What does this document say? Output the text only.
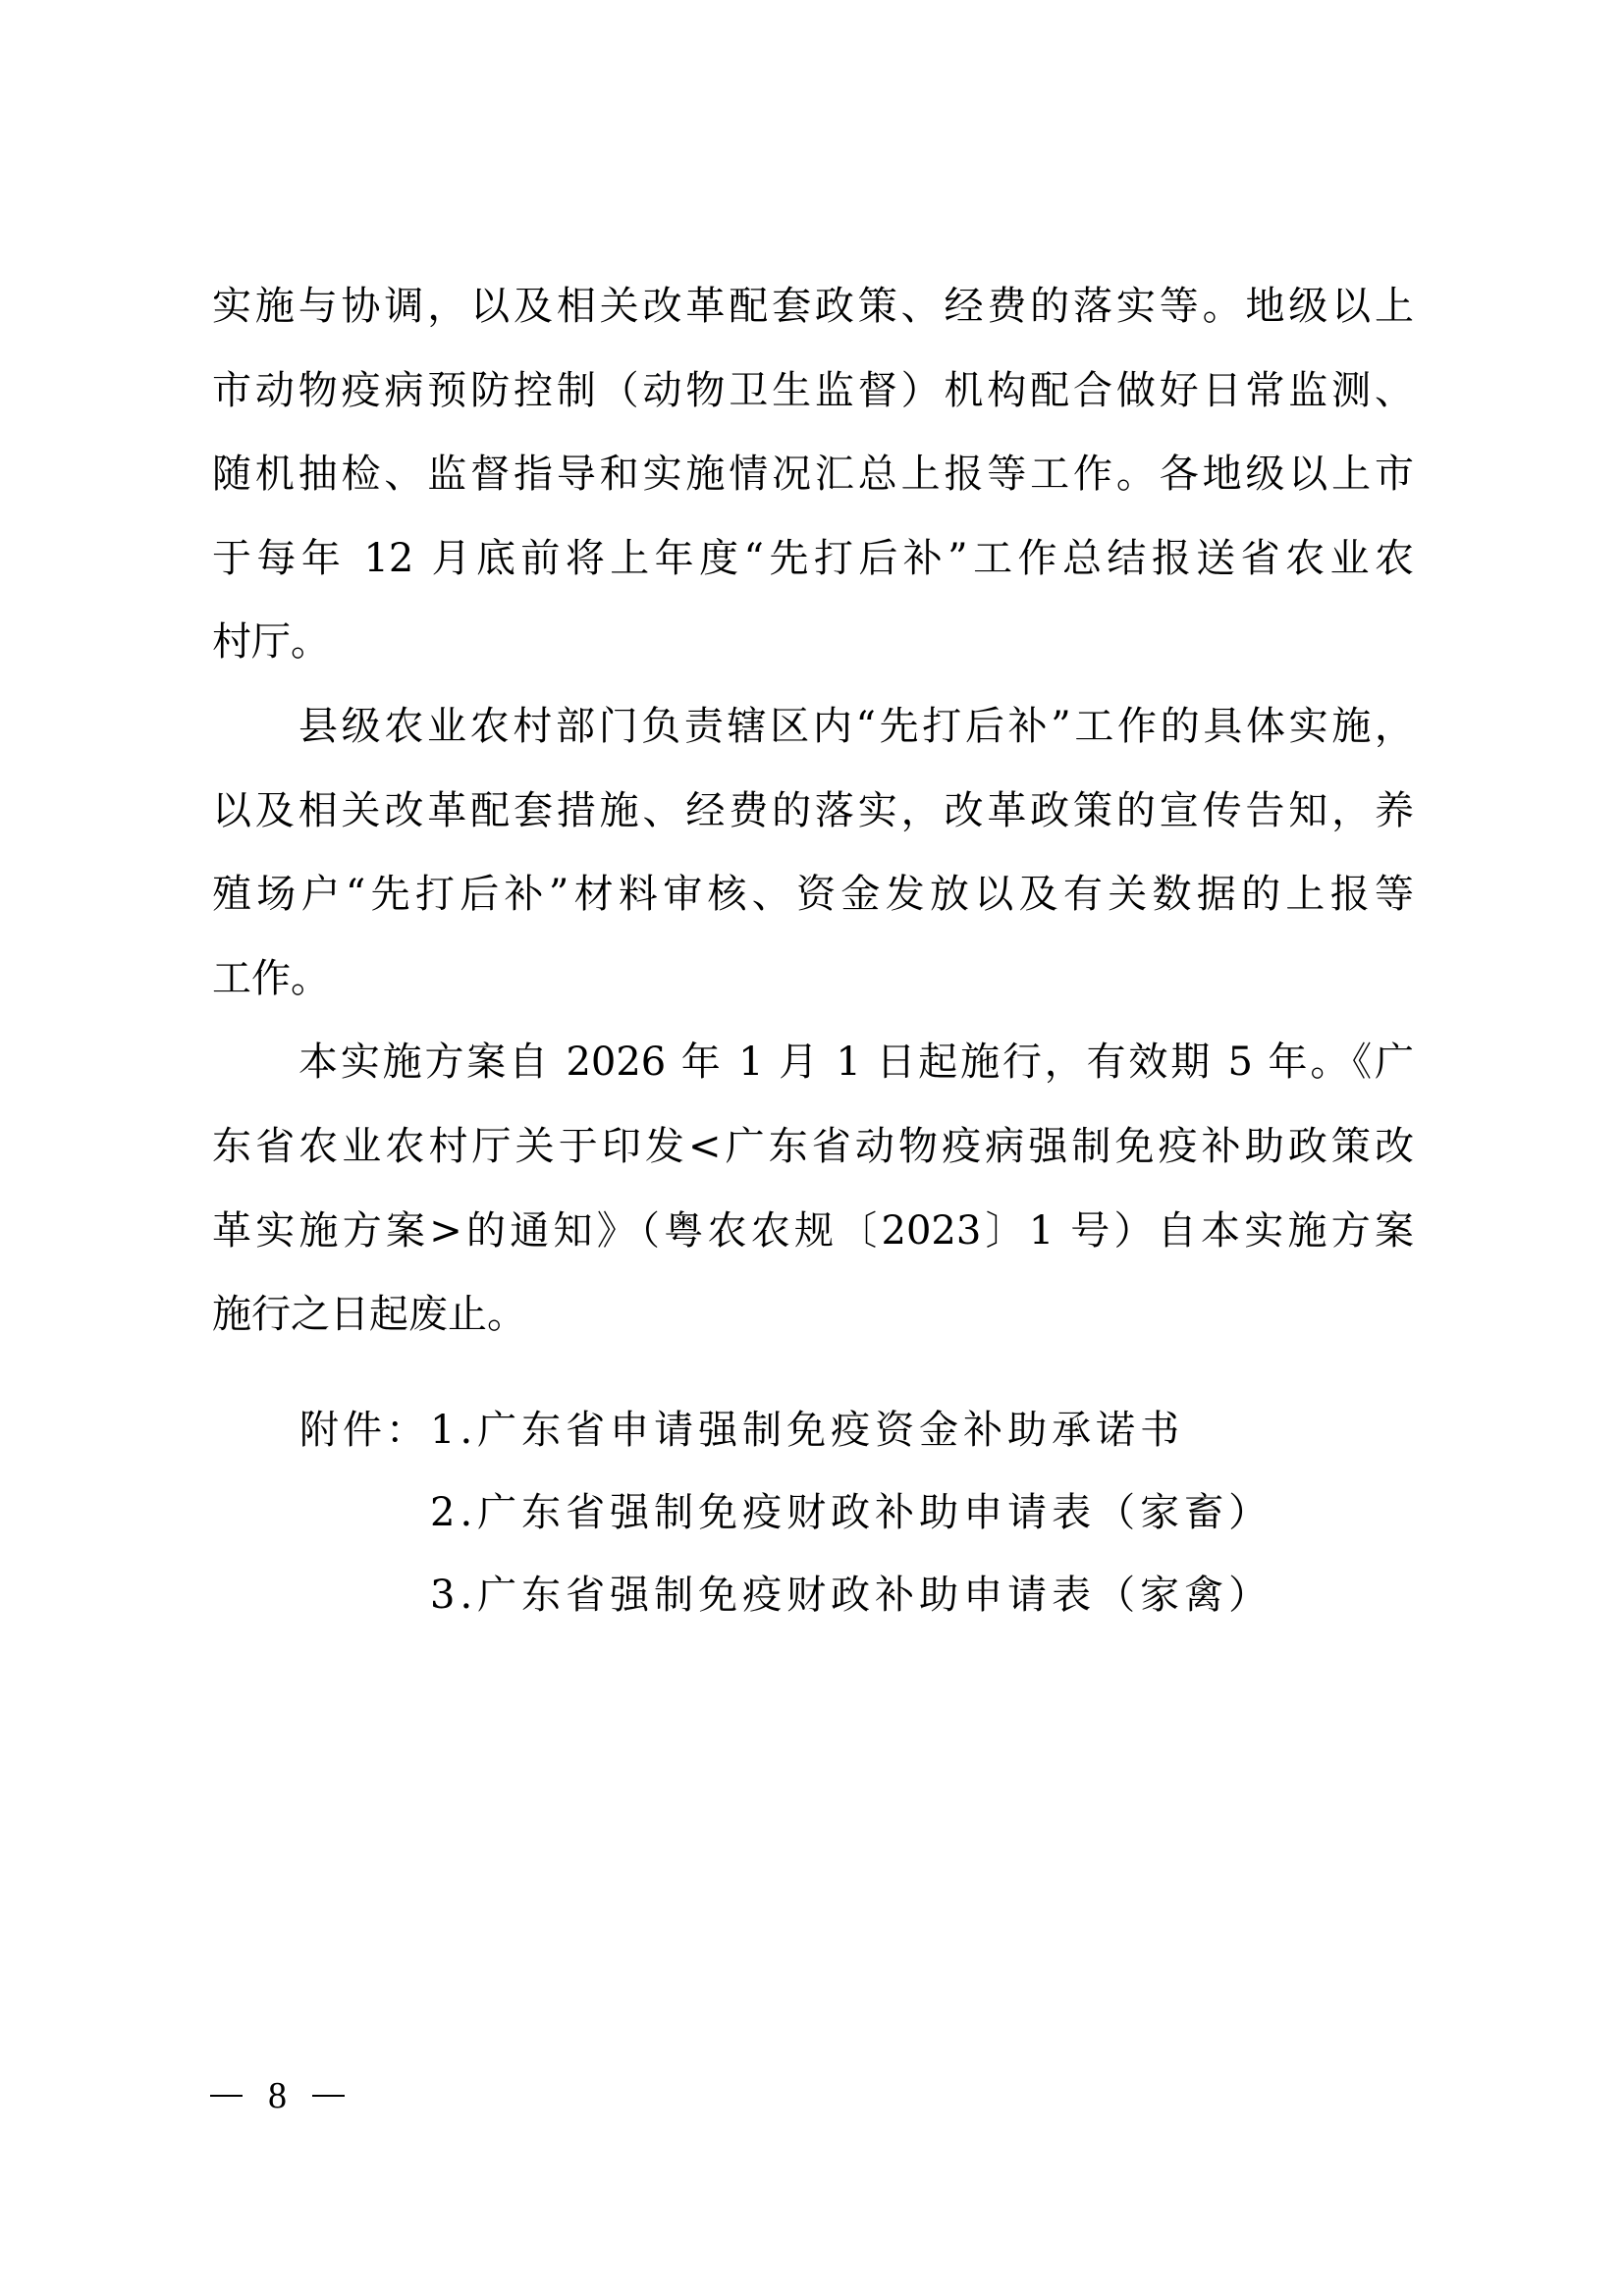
实施与协调，以及相关改革配套政策、经费的落实等。地级以上
市动物疫病预防控制（动物卫生监督）机构配合做好日常监测、
随机抽检、监督指导和实施情况汇总上报等工作。各地级以上市
于每年 12 月底前将上年度“先打后补”工作总结报送省农业农
村厅。
县级农业农村部门负责辖区内“先打后补”工作的具体实施，
以及相关改革配套措施、经费的落实，改革政策的宣传告知，养
殖场户“先打后补”材料审核、资金发放以及有关数据的上报等
工作。
本实施方案自 2026 年 1 月 1 日起施行，有效期 5 年。《广
东省农业农村厅关于印发<广东省动物疫病强制免疫补助政策改
革实施方案>的通知》（粤农农规〔2023〕1 号）自本实施方案
施行之日起废止。
附件： 1.广东省申请强制免疫资金补助承诺书
2.广东省强制免疫财政补助申请表（家畜）
3.广东省强制免疫财政补助申请表（家禽）
8
